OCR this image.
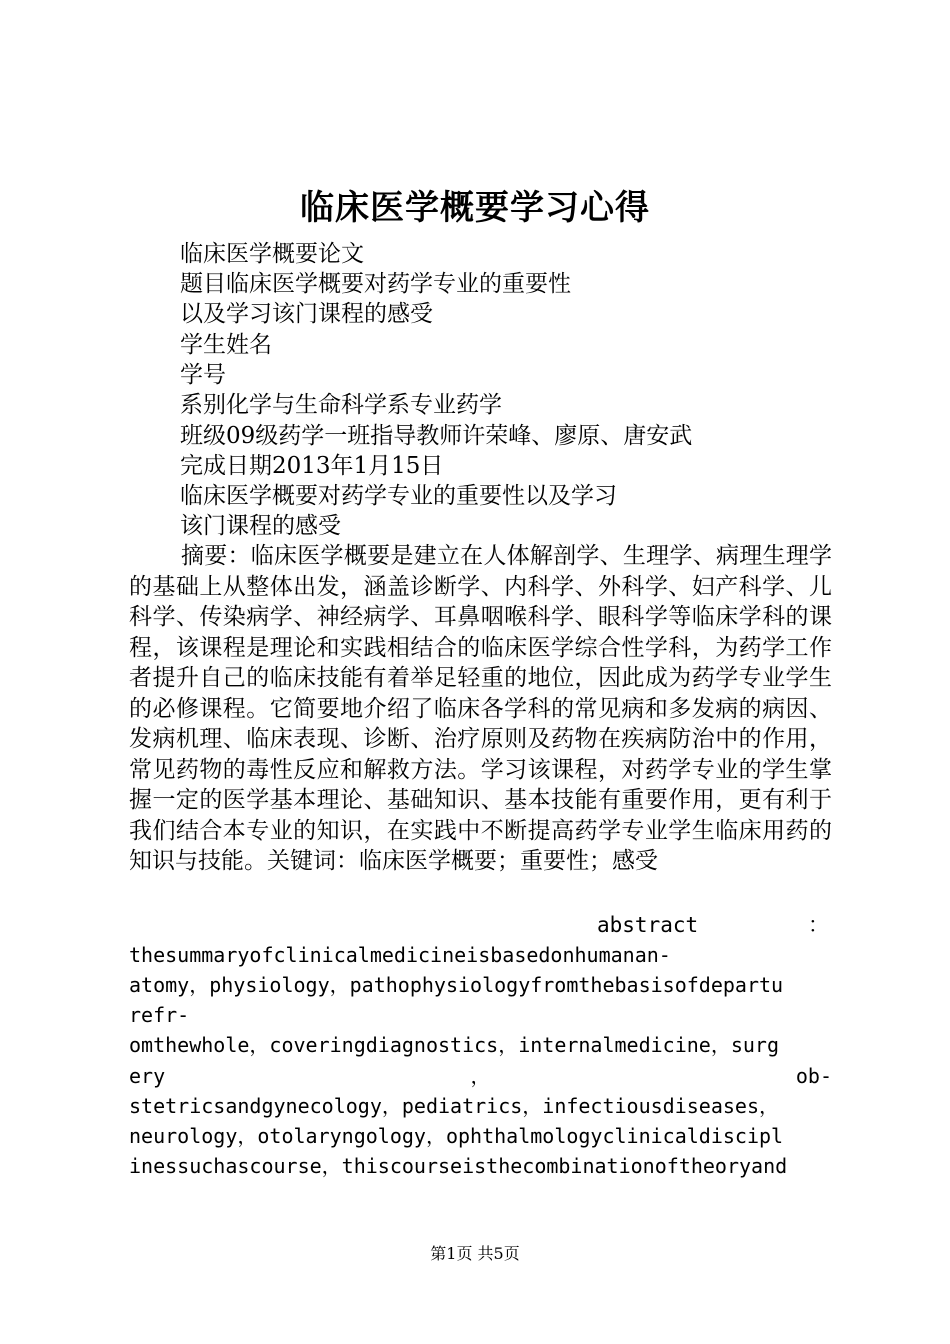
临床医学概要学习心得
临床医学概要论文
题目临床医学概要对药学专业的重要性
以及学习该门课程的感受
学生姓名
学号
系别化学与生命科学系专业药学
班级09级药学一班指导教师许荣峰、廖原、唐安武
完成日期2013年1月15日
临床医学概要对药学专业的重要性以及学习
该门课程的感受
摘要：临床医学概要是建立在人体解剖学、生理学、病理生理学的基础上从整体出发，涵盖诊断学、内科学、外科学、妇产科学、儿科学、传染病学、神经病学、耳鼻咽喉科学、眼科学等临床学科的课程，该课程是理论和实践相结合的临床医学综合性学科，为药学工作者提升自己的临床技能有着举足轻重的地位，因此成为药学专业学生的必修课程。它简要地介绍了临床各学科的常见病和多发病的病因、发病机理、临床表现、诊断、治疗原则及药物在疾病防治中的作用，常见药物的毒性反应和解救方法。学习该课程，对药学专业的学生掌握一定的医学基本理论、基础知识、基本技能有重要作用，更有利于我们结合本专业的知识，在实践中不断提高药学专业学生临床用药的知识与技能。关键词：临床医学概要；重要性；感受
abstract	：
thesummaryofclinicalmedicineisbasedonhumanan-
atomy，physiology，pathophysiologyfromthebasisofdepartu
refr-
omthewhole，coveringdiagnostics，internalmedicine，surg
ery	，	ob-
stetricsandgynecology，pediatrics，infectiousdiseases，
neurology，otolaryngology，ophthalmologyclinicaldiscipl
inessuchascourse，thiscourseisthecombinationoftheoryand
第1页 共5页
